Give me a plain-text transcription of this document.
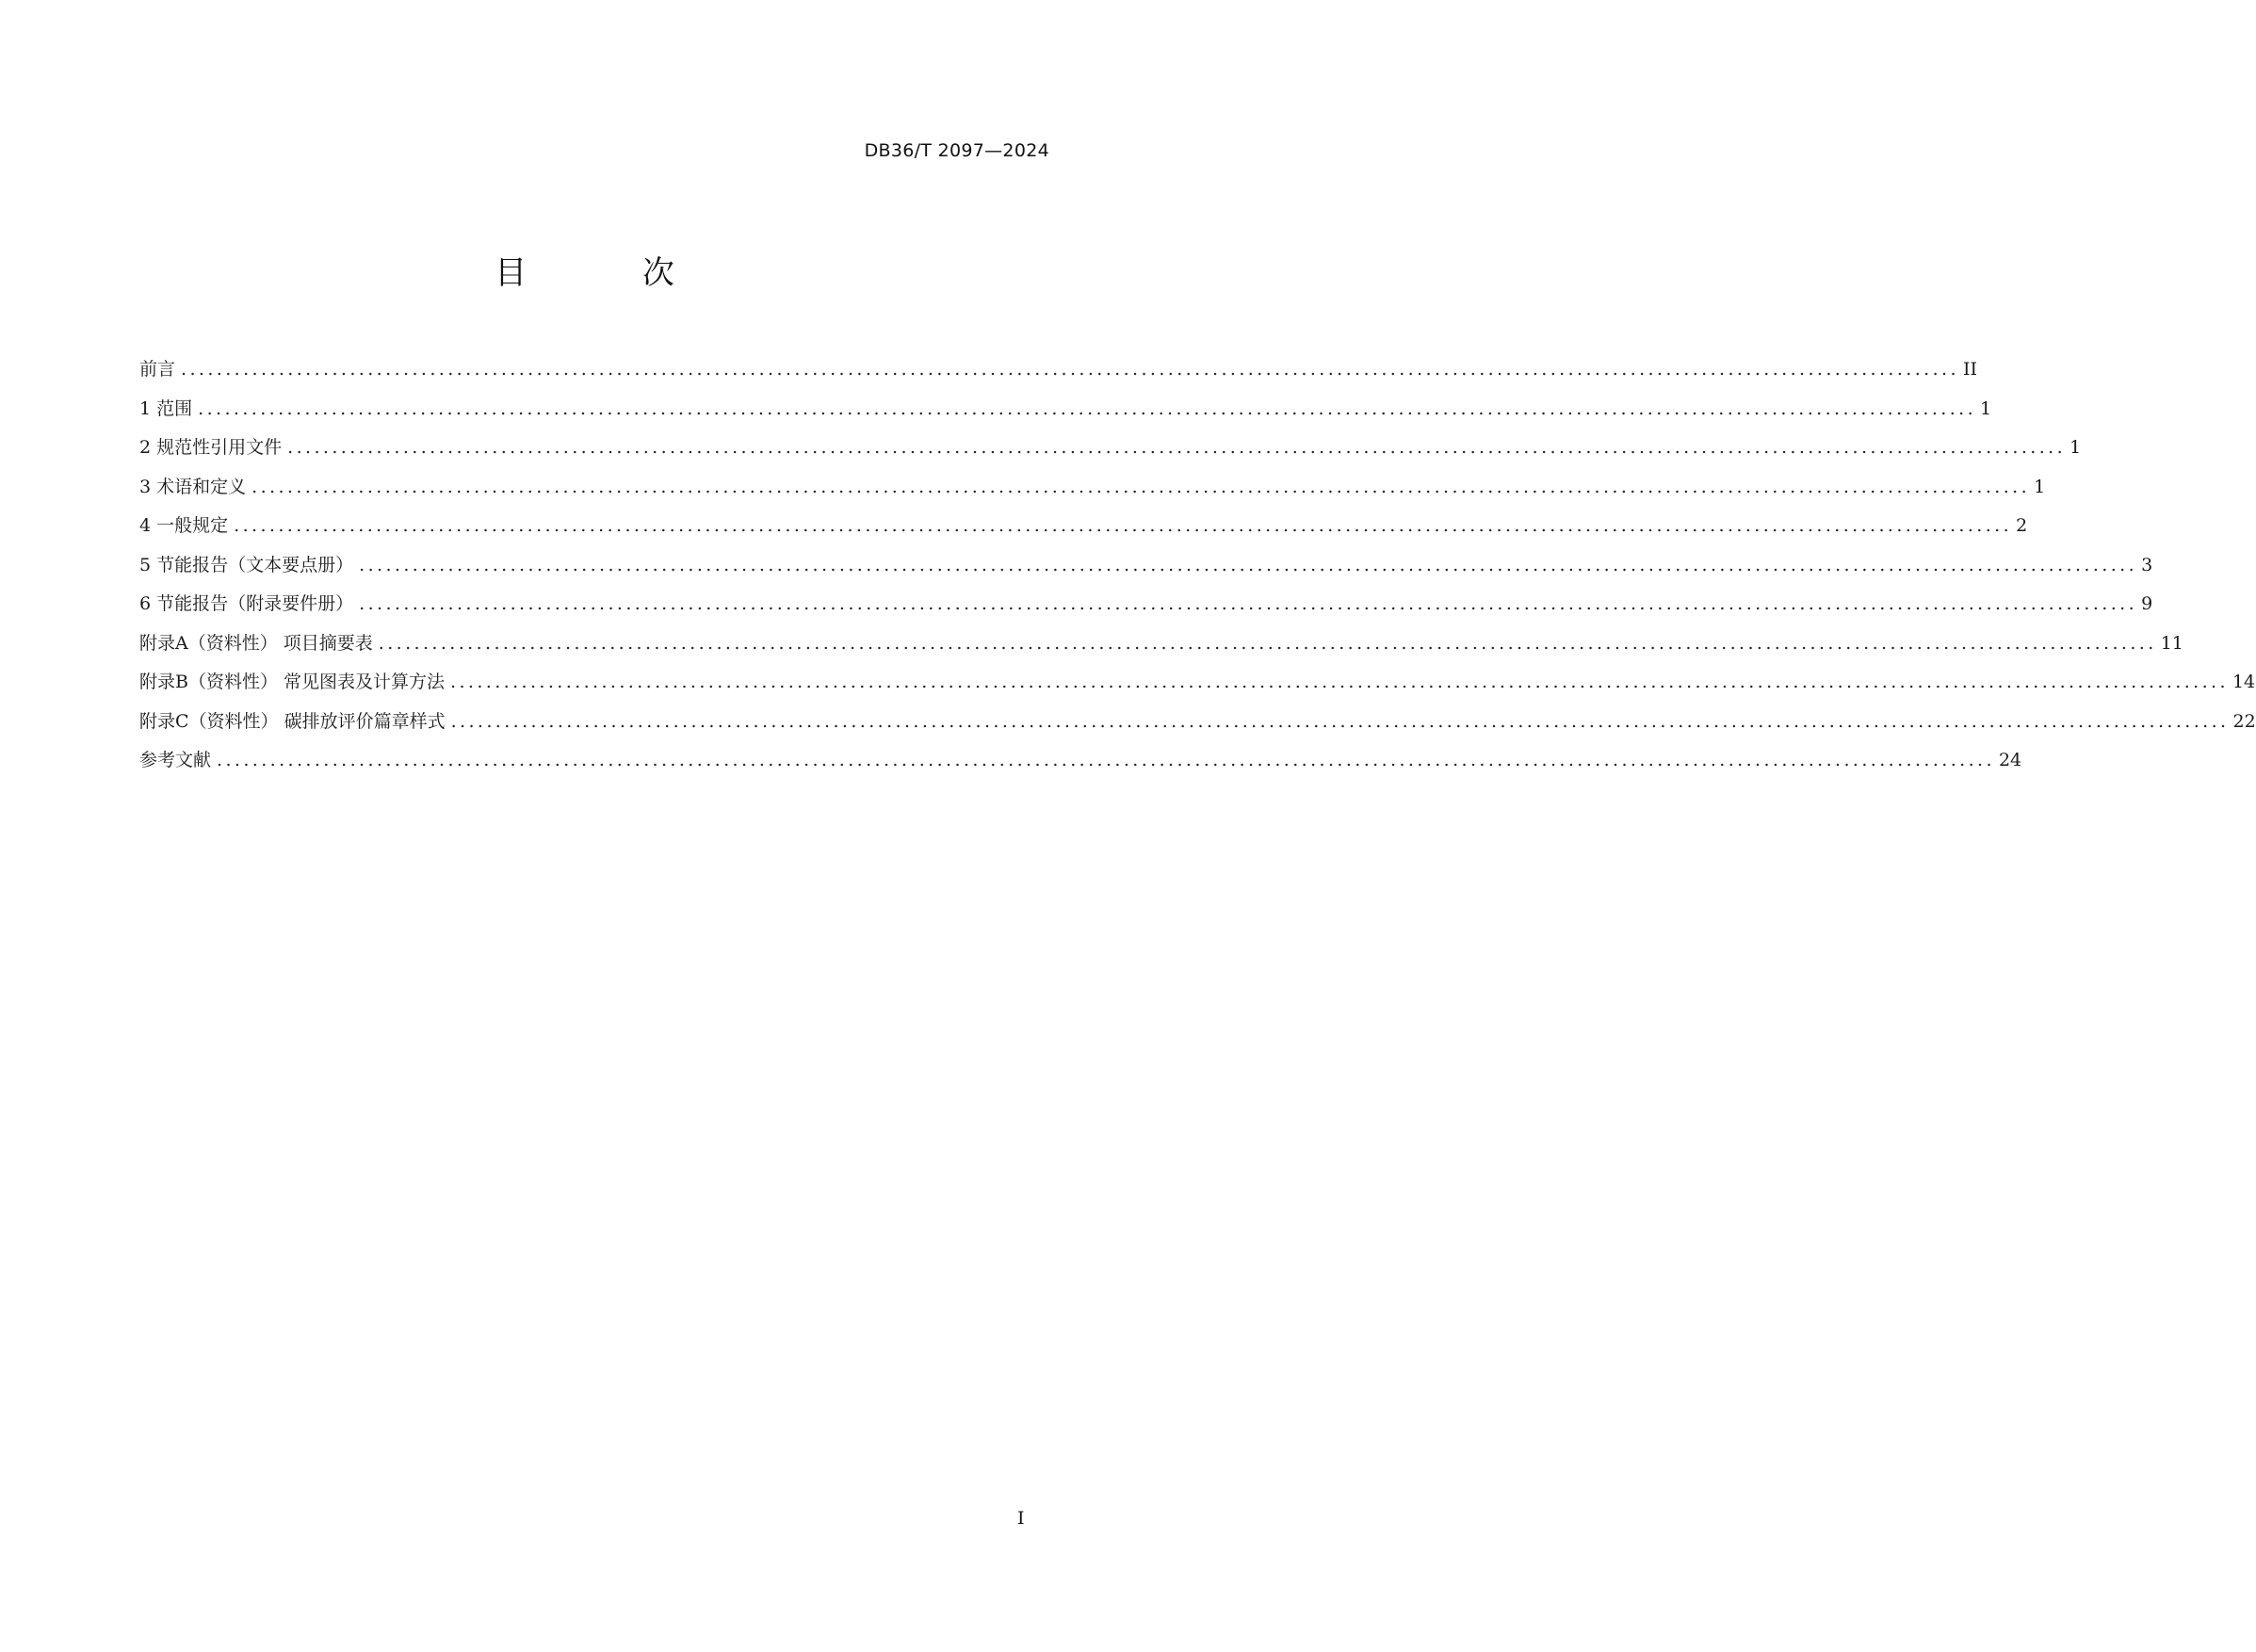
DB36/T 2097—2024
目 次
前言 ........................................................................................................................................................................................................ II
1 范围 ........................................................................................................................................................................................................ 1
2 规范性引用文件 ........................................................................................................................................................................................................ 1
3 术语和定义 ........................................................................................................................................................................................................ 1
4 一般规定 ........................................................................................................................................................................................................ 2
5 节能报告（文本要点册） ........................................................................................................................................................................................................ 3
6 节能报告（附录要件册） ........................................................................................................................................................................................................ 9
附录A（资料性） 项目摘要表 ........................................................................................................................................................................................................ 11
附录B（资料性） 常见图表及计算方法 ........................................................................................................................................................................................................ 14
附录C（资料性） 碳排放评价篇章样式 ........................................................................................................................................................................................................ 22
参考文献 ........................................................................................................................................................................................................ 24
I
